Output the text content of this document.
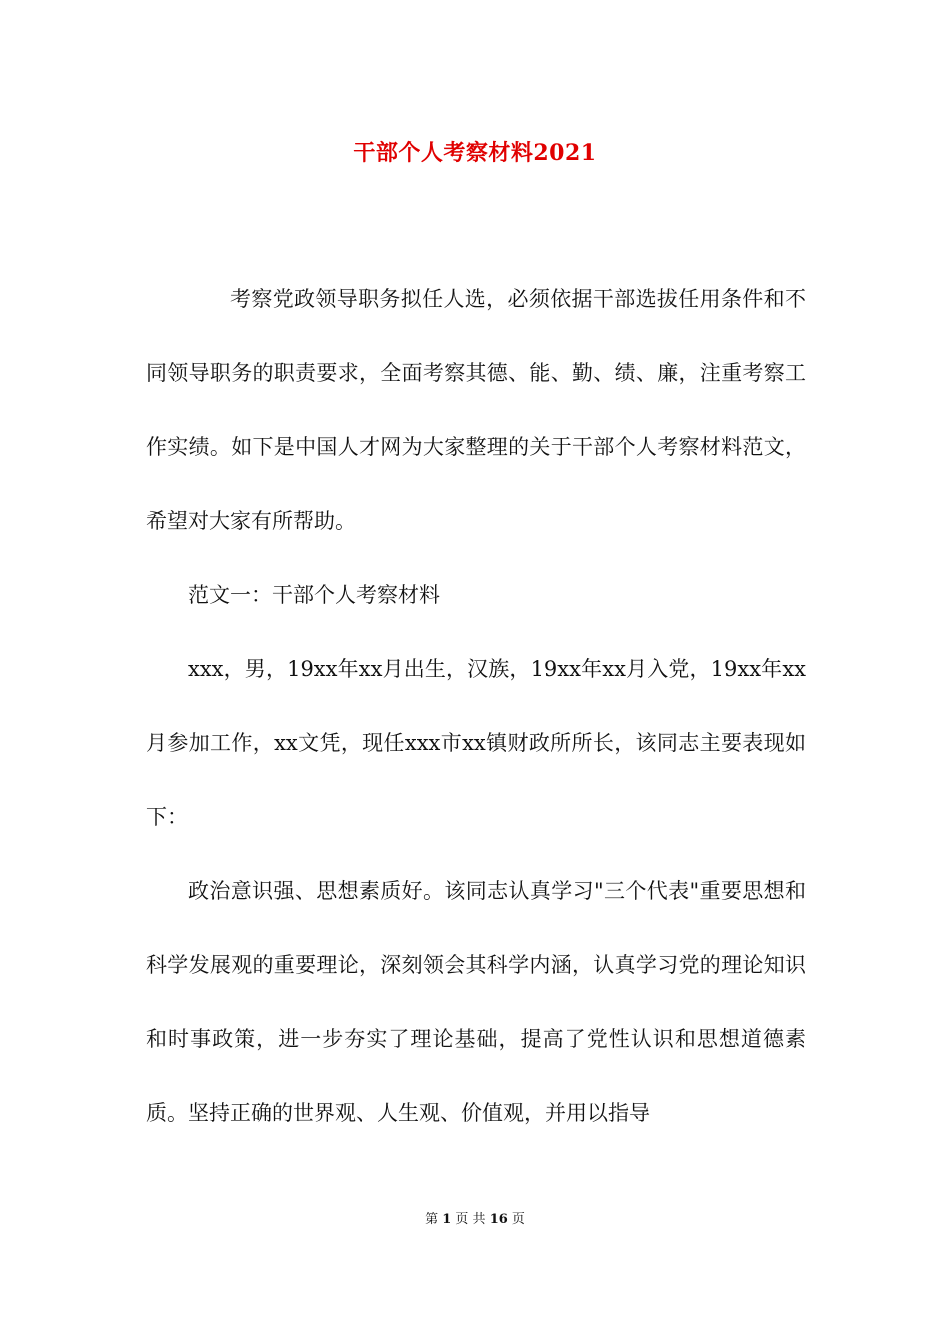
干部个人考察材料2021

考察党政领导职务拟任人选，必须依据干部选拔任用条件和不同领导职务的职责要求，全面考察其德、能、勤、绩、廉，注重考察工作实绩。如下是中国人才网为大家整理的关于干部个人考察材料范文，希望对大家有所帮助。

范文一：干部个人考察材料

xxx，男，19xx年xx月出生，汉族，19xx年xx月入党，19xx年xx月参加工作，xx文凭，现任xxx市xx镇财政所所长，该同志主要表现如下：

政治意识强、思想素质好。该同志认真学习"三个代表"重要思想和科学发展观的重要理论，深刻领会其科学内涵，认真学习党的理论知识和时事政策，进一步夯实了理论基础，提高了党性认识和思想道德素质。坚持正确的世界观、人生观、价值观，并用以指导

第 1 页 共 16 页
